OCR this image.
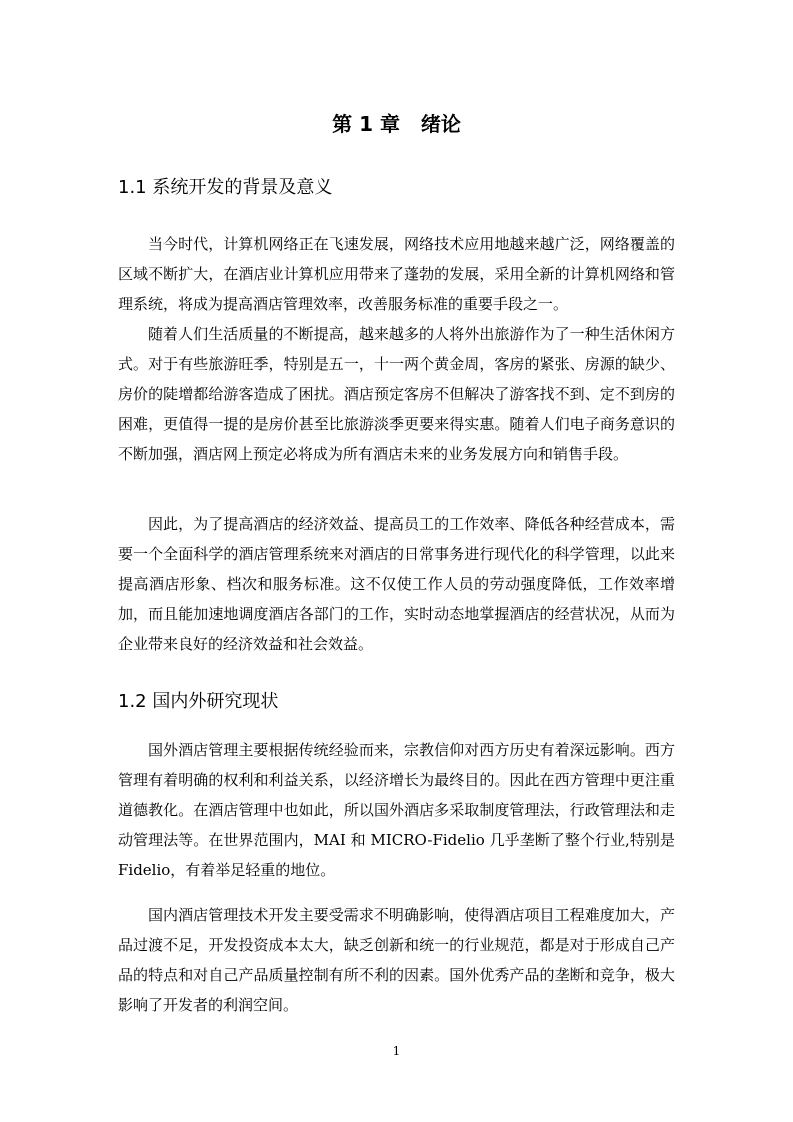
第 1 章   绪论
1.1 系统开发的背景及意义

当今时代，计算机网络正在飞速发展，网络技术应用地越来越广泛，网络覆盖的区域不断扩大，在酒店业计算机应用带来了蓬勃的发展，采用全新的计算机网络和管理系统，将成为提高酒店管理效率，改善服务标准的重要手段之一。

随着人们生活质量的不断提高，越来越多的人将外出旅游作为了一种生活休闲方式。对于有些旅游旺季，特别是五一，十一两个黄金周，客房的紧张、房源的缺少、房价的陡增都给游客造成了困扰。酒店预定客房不但解决了游客找不到、定不到房的困难，更值得一提的是房价甚至比旅游淡季更要来得实惠。随着人们电子商务意识的不断加强，酒店网上预定必将成为所有酒店未来的业务发展方向和销售手段。

因此，为了提高酒店的经济效益、提高员工的工作效率、降低各种经营成本，需要一个全面科学的酒店管理系统来对酒店的日常事务进行现代化的科学管理，以此来提高酒店形象、档次和服务标准。这不仅使工作人员的劳动强度降低，工作效率增加，而且能加速地调度酒店各部门的工作，实时动态地掌握酒店的经营状况，从而为企业带来良好的经济效益和社会效益。

1.2 国内外研究现状

国外酒店管理主要根据传统经验而来，宗教信仰对西方历史有着深远影响。西方管理有着明确的权利和利益关系，以经济增长为最终目的。因此在西方管理中更注重道德教化。在酒店管理中也如此，所以国外酒店多采取制度管理法，行政管理法和走动管理法等。在世界范围内，MAI 和 MICRO-Fidelio 几乎垄断了整个行业,特别是 Fidelio，有着举足轻重的地位。

国内酒店管理技术开发主要受需求不明确影响，使得酒店项目工程难度加大，产品过渡不足，开发投资成本太大，缺乏创新和统一的行业规范，都是对于形成自己产品的特点和对自己产品质量控制有所不利的因素。国外优秀产品的垄断和竞争，极大影响了开发者的利润空间。

1
